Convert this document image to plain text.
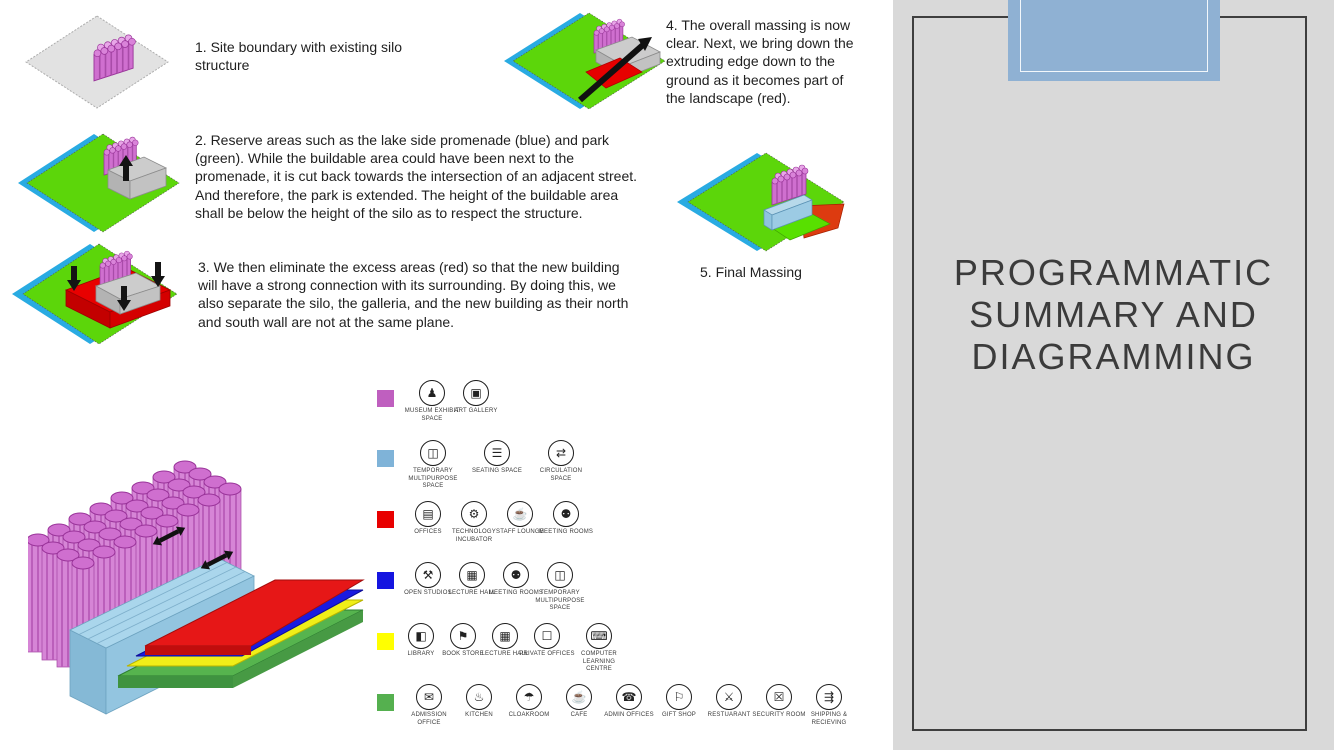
1. Site boundary with existing silo structure
2. Reserve areas such as the lake side promenade (blue) and park (green). While the buildable area could have been next to the promenade, it is cut back towards the intersection of an adjacent street. And therefore, the park is extended. The height of the buildable area shall be below the height of the silo as to respect the structure.
3. We then eliminate the excess areas (red) so that the new building will have a strong connection with its surrounding. By doing this, we also separate the silo, the galleria, and the new building as their north and south wall are not at the same plane.
4. The overall massing is now clear. Next, we bring down the extruding edge down to the ground as it becomes part of the landscape (red).
5. Final Massing
♟
MUSEUM EXHIBIT SPACE
▣
ART GALLERY
◫
TEMPORARY MULTIPURPOSE SPACE
☰
SEATING SPACE
⇄
CIRCULATION SPACE
▤
OFFICES
⚙
TECHNOLOGY INCUBATOR
☕
STAFF LOUNGE
⚉
MEETING ROOMS
⚒
OPEN STUDIOS
▦
LECTURE HALL
⚉
MEETING ROOMS
◫
TEMPORARY MULTIPURPOSE SPACE
◧
LIBRARY
⚑
BOOK STORE
▦
LECTURE HALL
☐
PRIVATE OFFICES
⌨
COMPUTER LEARNING CENTRE
✉
ADMISSION OFFICE
♨
KITCHEN
☂
CLOAKROOM
☕
CAFE
☎
ADMIN OFFICES
⚐
GIFT SHOP
⚔
RESTUARANT
☒
SECURITY ROOM
⇶
SHIPPING & RECIEVING
PROGRAMMATIC
SUMMARY AND
DIAGRAMMING
